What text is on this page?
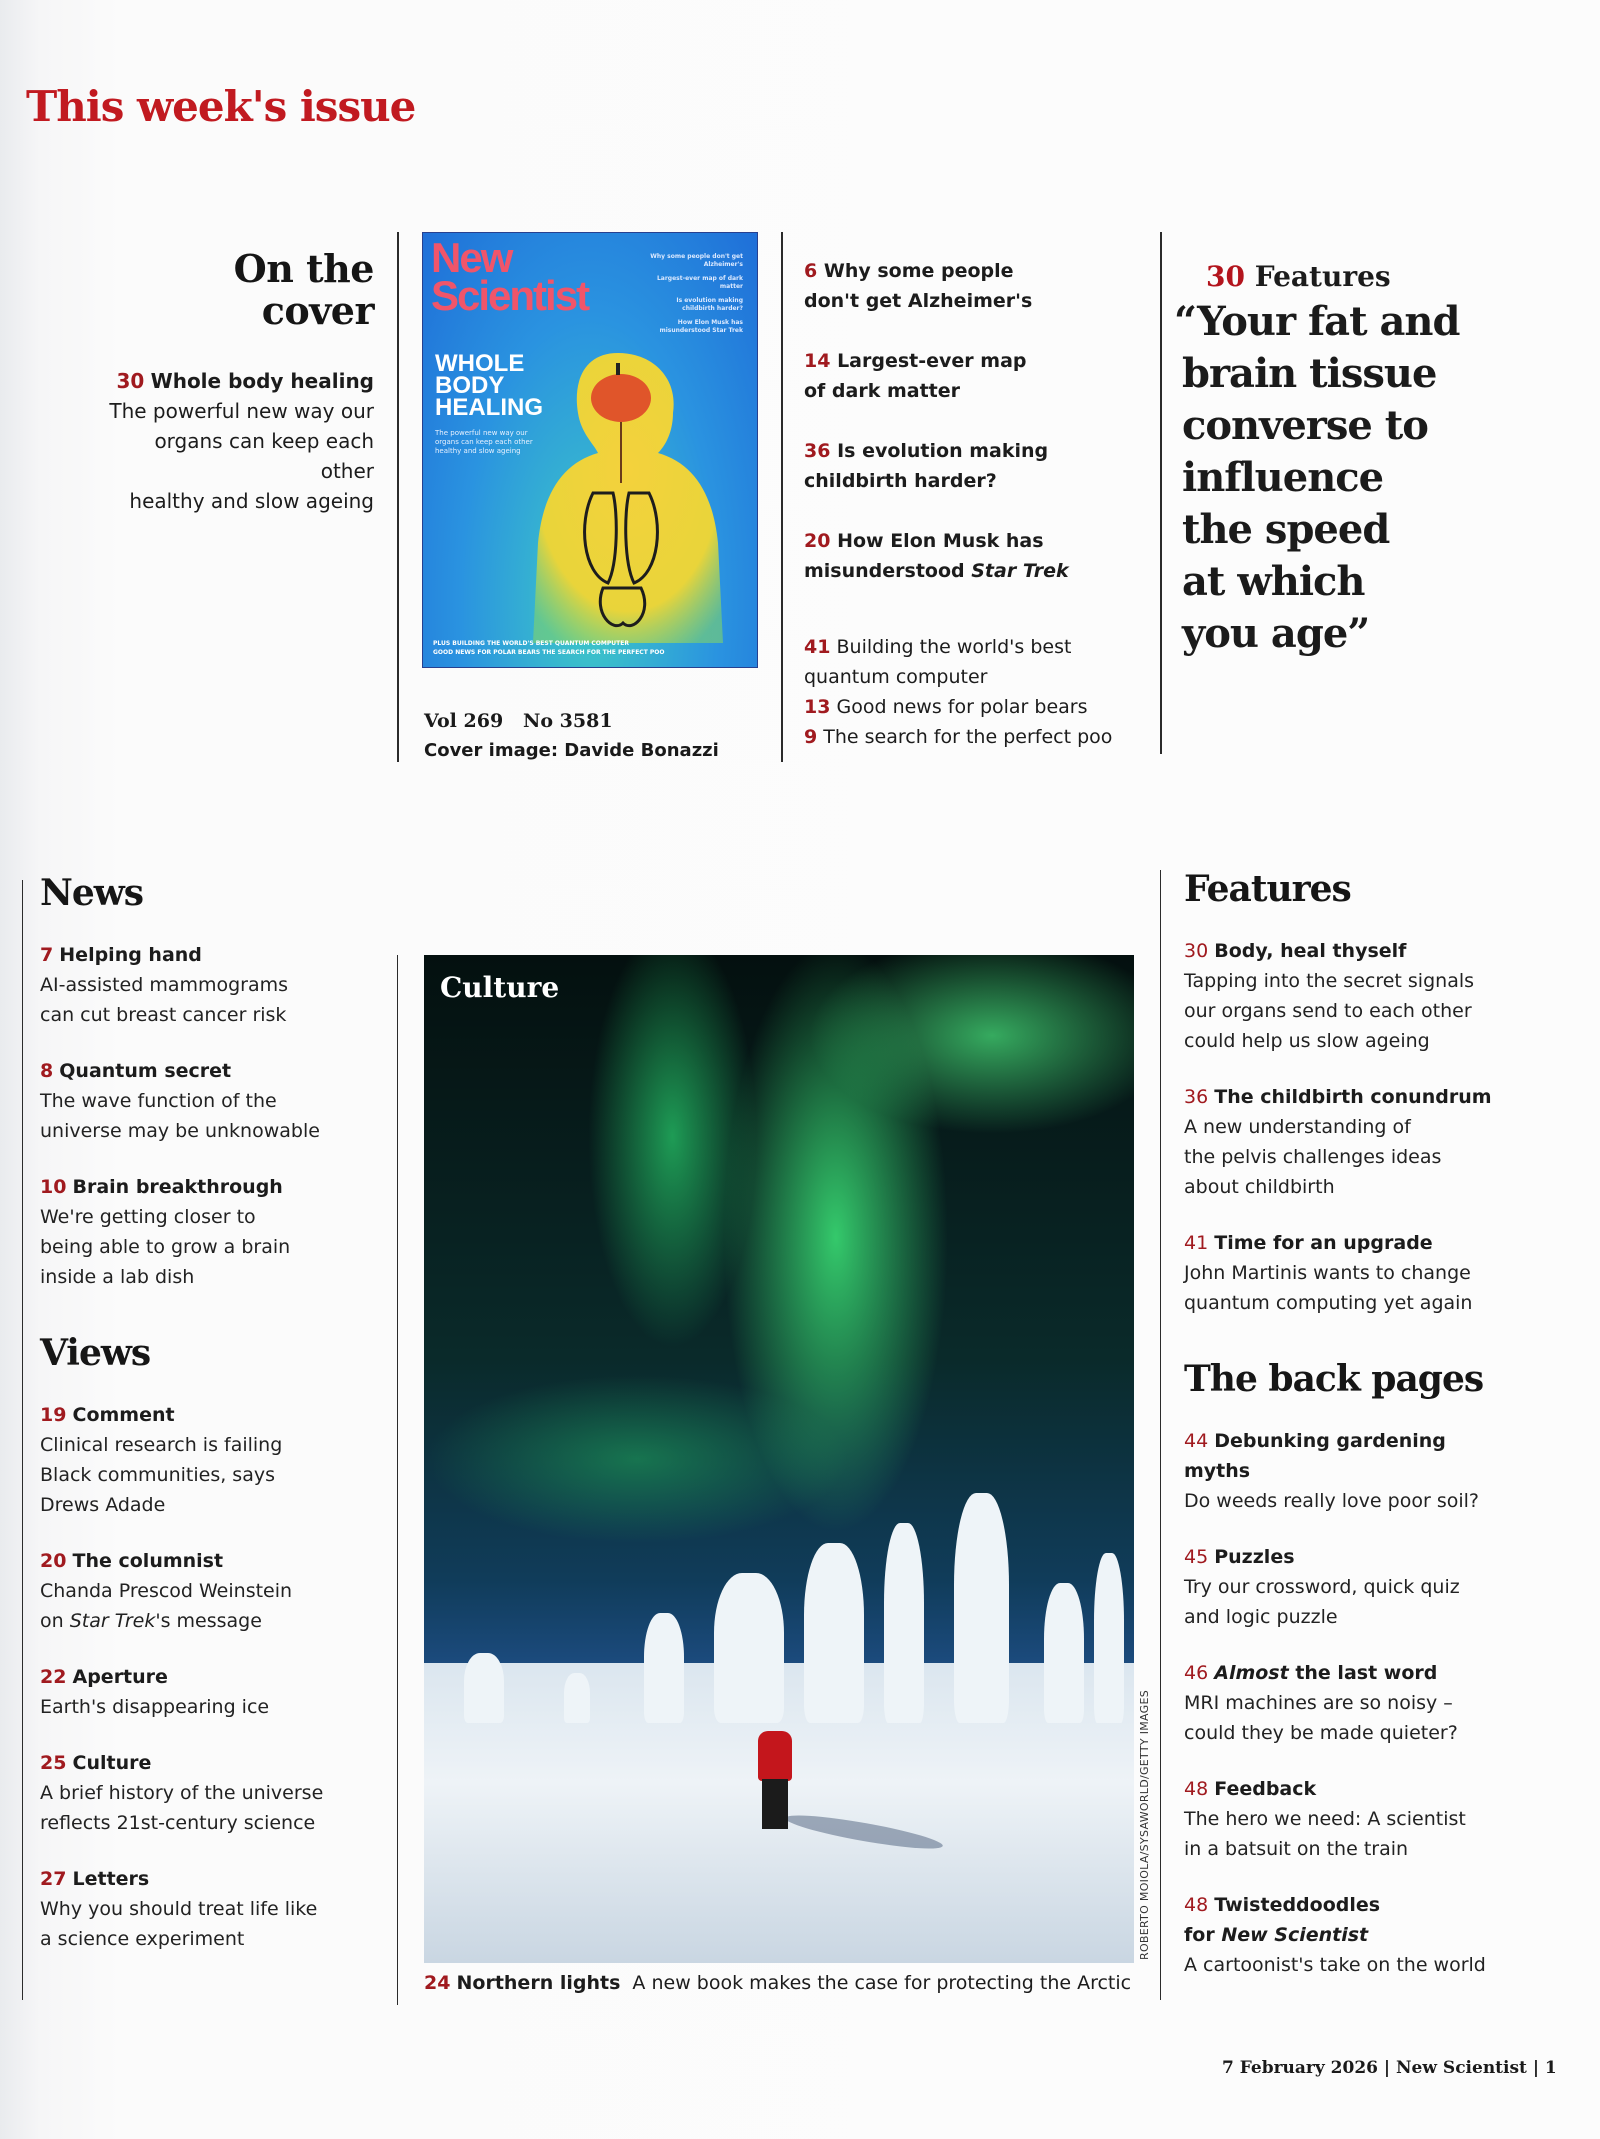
This week's issue
On the
cover
30 Whole body healing
The powerful new way our
organs can keep each other
healthy and slow ageing
New
Scientist
Why some people don't get Alzheimer's
Largest-ever map of dark matter
Is evolution making childbirth harder?
How Elon Musk has misunderstood Star Trek
WHOLE
BODY
HEALING
The powerful new way our organs can keep each other healthy and slow ageing
PLUS BUILDING THE WORLD'S BEST QUANTUM COMPUTER
GOOD NEWS FOR POLAR BEARS THE SEARCH FOR THE PERFECT POO
Vol 269 No 3581
Cover image: Davide Bonazzi
6 Why some people
don't get Alzheimer's
14 Largest-ever map
of dark matter
36 Is evolution making
childbirth harder?
20 How Elon Musk has
misunderstood Star Trek
41 Building the world's best
quantum computer
13 Good news for polar bears
9 The search for the perfect poo
30 Features
“Your fat and
brain tissue
converse to
influence
the speed
at which
you age”
News
7 Helping hand
AI-assisted mammograms
can cut breast cancer risk
8 Quantum secret
The wave function of the
universe may be unknowable
10 Brain breakthrough
We're getting closer to
being able to grow a brain
inside a lab dish
Views
19 Comment
Clinical research is failing
Black communities, says
Drews Adade
20 The columnist
Chanda Prescod Weinstein
on Star Trek's message
22 Aperture
Earth's disappearing ice
25 Culture
A brief history of the universe
reflects 21st-century science
27 Letters
Why you should treat life like
a science experiment
Culture
ROBERTO MOIOLA/SYSAWORLD/GETTY IMAGES
24 Northern lights A new book makes the case for protecting the Arctic
Features
30 Body, heal thyself
Tapping into the secret signals
our organs send to each other
could help us slow ageing
36 The childbirth conundrum
A new understanding of
the pelvis challenges ideas
about childbirth
41 Time for an upgrade
John Martinis wants to change
quantum computing yet again
The back pages
44 Debunking gardening myths
Do weeds really love poor soil?
45 Puzzles
Try our crossword, quick quiz
and logic puzzle
46 Almost the last word
MRI machines are so noisy –
could they be made quieter?
48 Feedback
The hero we need: A scientist
in a batsuit on the train
48 Twisteddoodles
for New Scientist
A cartoonist's take on the world
7 February 2026 | New Scientist | 1
